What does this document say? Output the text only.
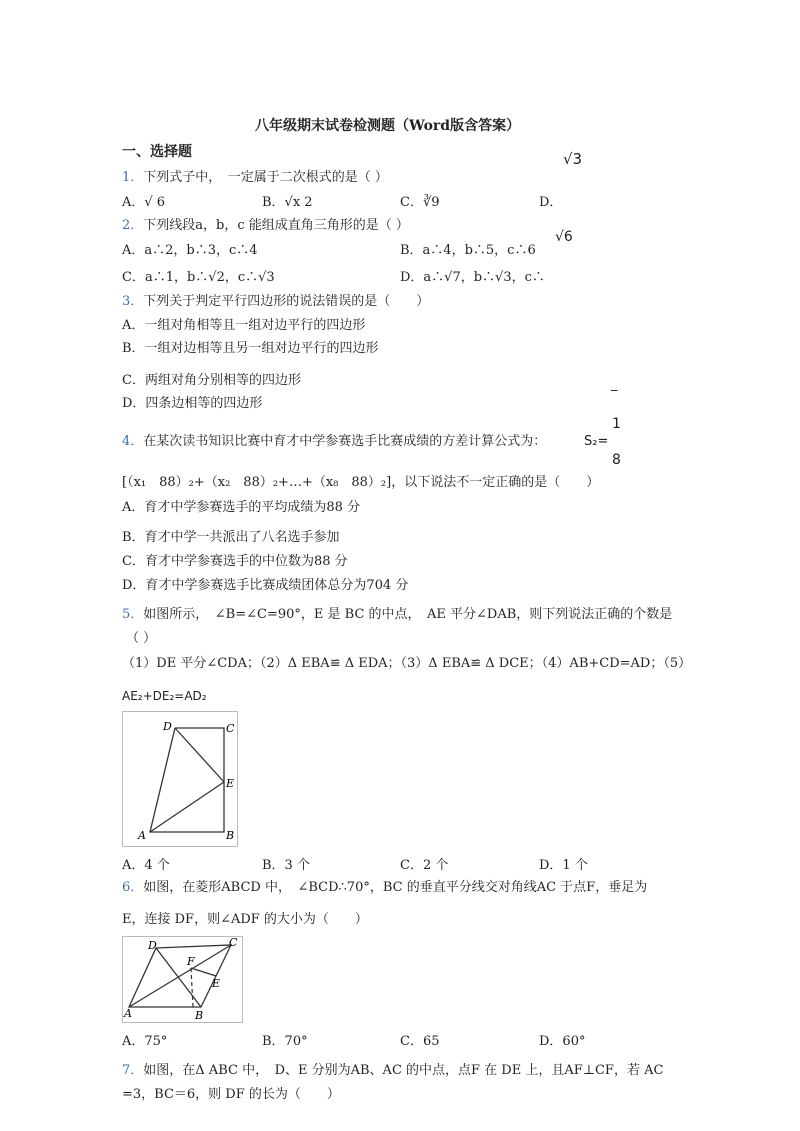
八年级期末试卷检测题（Word版含答案）
一、选择题	√3
√6
_
1
8
1．下列式子中，　一定属于二次根式的是（ ）
A．√ 6	B．√x 2	C．∛9	D．
2．下列线段a，b，c 能组成直角三角形的是（ ）
A．a∴2，b∴3，c∴4	B．a∴4，b∴5，c∴6
C．a∴1，b∴√2，c∴√3	D．a∴√7，b∴√3，c∴
3．下列关于判定平行四边形的说法错误的是（　　）
A．一组对角相等且一组对边平行的四边形
B．一组对边相等且另一组对边平行的四边形
C．两组对角分别相等的四边形
D．四条边相等的四边形
4．在某次读书知识比赛中育才中学参赛选手比赛成绩的方差计算公式为：	S₂=
[（x₁　88）₂+（x₂　88）₂+…+（x₈　88）₂]，以下说法不一定正确的是（　　）
A．育才中学参赛选手的平均成绩为88 分
B．育才中学一共派出了八名选手参加
C．育才中学参赛选手的中位数为88 分
D．育才中学参赛选手比赛成绩团体总分为704 分
5．如图所示，　∠B=∠C=90°，E 是 BC 的中点，　AE 平分∠DAB，则下列说法正确的个数是
（ ）
（1）DE 平分∠CDA；（2）Δ EBA≌ Δ EDA；（3）Δ EBA≌ Δ DCE；（4）AB+CD=AD；（5）
AE₂+DE₂=AD₂
D	C
E
A	B
A．4 个	B．3 个	C．2 个	D．1 个
6．如图，在菱形ABCD 中，　∠BCD∴70°，BC 的垂直平分线交对角线AC 于点F，垂足为
E，连接 DF，则∠ADF 的大小为（　　）
D	C
E
F
A	B
A．75°	B．70°	C．65	D．60°
7．如图，在Δ ABC 中，　D、E 分别为AB、AC 的中点，点F 在 DE 上，且AF⊥CF，若 AC
=3，BC＝6，则 DF 的长为（　　）
